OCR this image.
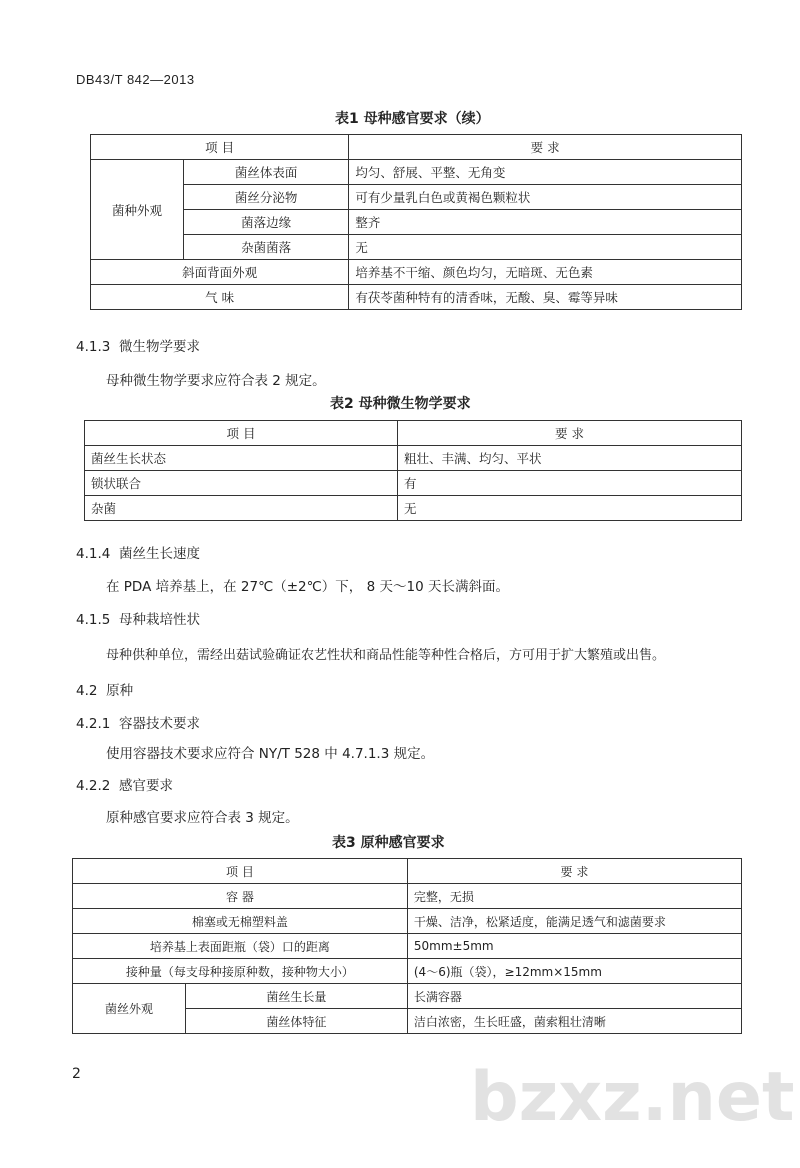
bzxz.net
DB43/T 842—2013
表1 母种感官要求（续）
项 目		要 求
菌种外观	菌丝体表面	均匀、舒展、平整、无角变
	菌丝分泌物	可有少量乳白色或黄褐色颗粒状
	菌落边缘	整齐
	杂菌菌落	无
斜面背面外观		培养基不干缩、颜色均匀，无暗斑、无色素
气 味		有茯苓菌种特有的清香味，无酸、臭、霉等异味
4.1.3 微生物学要求
母种微生物学要求应符合表 2 规定。
表2 母种微生物学要求
项 目	要 求
菌丝生长状态	粗壮、丰满、均匀、平状
锁状联合	有
杂菌	无
4.1.4 菌丝生长速度
在 PDA 培养基上，在 27℃（±2℃）下， 8 天～10 天长满斜面。
4.1.5 母种栽培性状
母种供种单位，需经出菇试验确证农艺性状和商品性能等种性合格后，方可用于扩大繁殖或出售。
4.2 原种
4.2.1 容器技术要求
使用容器技术要求应符合 NY/T 528 中 4.7.1.3 规定。
4.2.2 感官要求
原种感官要求应符合表 3 规定。
表3 原种感官要求
项 目		要 求
容 器		完整，无损
棉塞或无棉塑料盖		干燥、洁净，松紧适度，能满足透气和滤菌要求
培养基上表面距瓶（袋）口的距离		50mm±5mm
接种量（每支母种接原种数，接种物大小）		(4～6)瓶（袋），≥12mm×15mm
菌丝外观	菌丝生长量	长满容器
	菌丝体特征	洁白浓密，生长旺盛，菌索粗壮清晰
2
